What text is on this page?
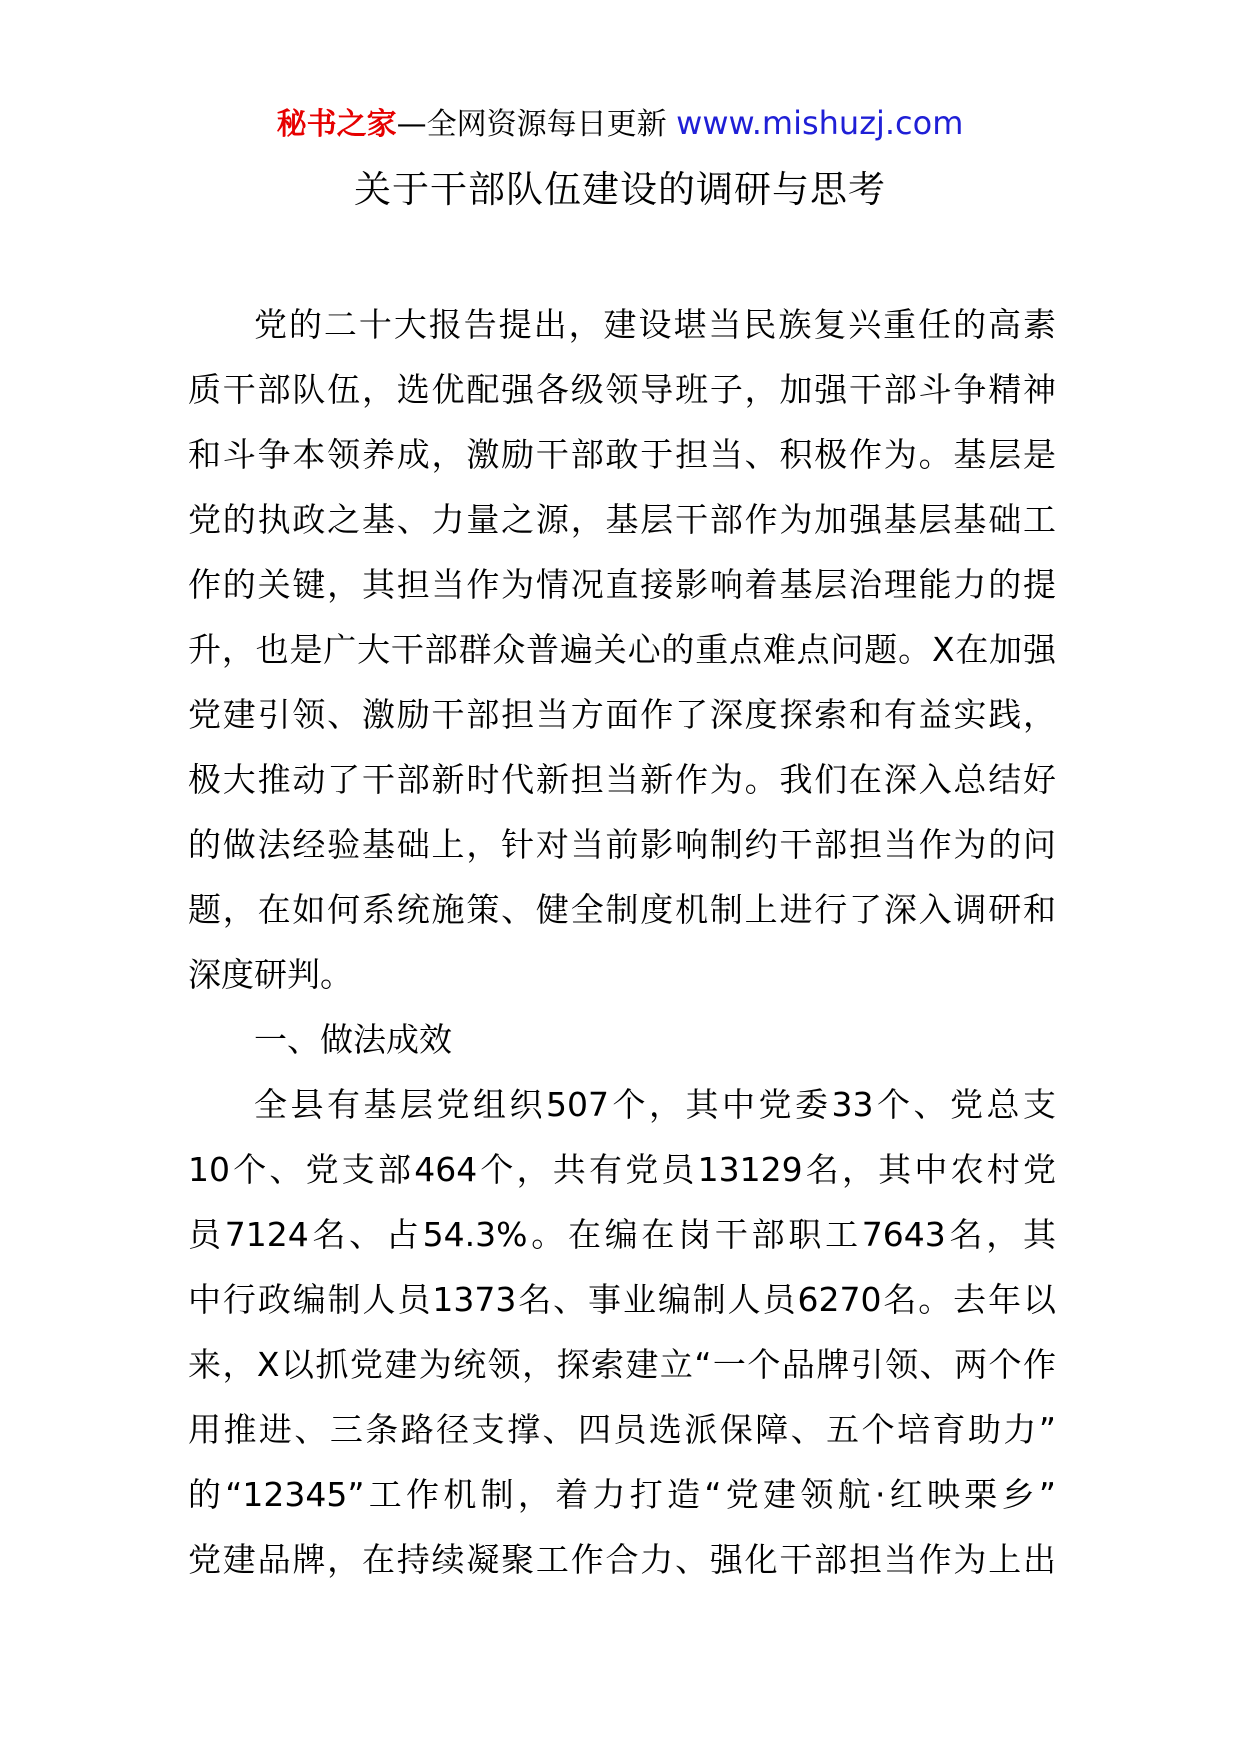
秘书之家—全网资源每日更新 www.mishuzj.com
关于干部队伍建设的调研与思考
党的二十大报告提出，建设堪当民族复兴重任的高素
质干部队伍，选优配强各级领导班子，加强干部斗争精神
和斗争本领养成，激励干部敢于担当、积极作为。基层是
党的执政之基、力量之源，基层干部作为加强基层基础工
作的关键，其担当作为情况直接影响着基层治理能力的提
升，也是广大干部群众普遍关心的重点难点问题。X在加强
党建引领、激励干部担当方面作了深度探索和有益实践，
极大推动了干部新时代新担当新作为。我们在深入总结好
的做法经验基础上，针对当前影响制约干部担当作为的问
题，在如何系统施策、健全制度机制上进行了深入调研和
深度研判。
一、做法成效
全县有基层党组织507个，其中党委33个、党总支
10个、党支部464个，共有党员13129名，其中农村党
员7124名、占54.3%。在编在岗干部职工7643名，其
中行政编制人员1373名、事业编制人员6270名。去年以
来，X以抓党建为统领，探索建立“一个品牌引领、两个作
用推进、三条路径支撑、四员选派保障、五个培育助力”
的“12345”工作机制，着力打造“党建领航·红映栗乡”
党建品牌，在持续凝聚工作合力、强化干部担当作为上出
